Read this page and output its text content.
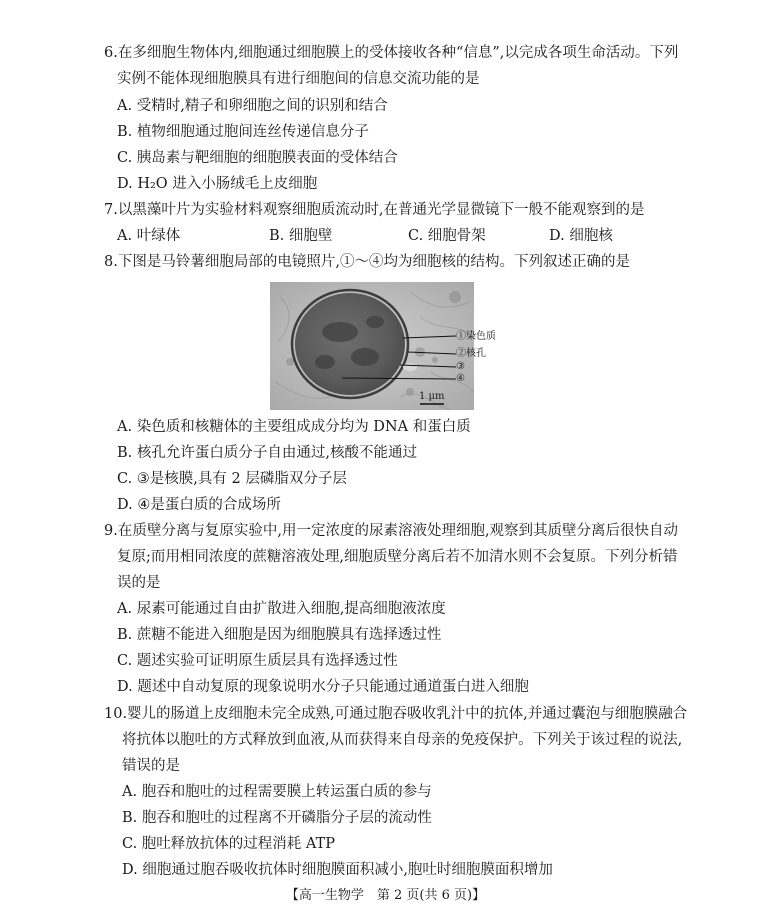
6.在多细胞生物体内,细胞通过细胞膜上的受体接收各种“信息”,以完成各项生命活动。下列
实例不能体现细胞膜具有进行细胞间的信息交流功能的是
A. 受精时,精子和卵细胞之间的识别和结合
B. 植物细胞通过胞间连丝传递信息分子
C. 胰岛素与靶细胞的细胞膜表面的受体结合
D. H₂O 进入小肠绒毛上皮细胞
7.以黑藻叶片为实验材料观察细胞质流动时,在普通光学显微镜下一般不能观察到的是
A. 叶绿体	B. 细胞壁	C. 细胞骨架	D. 细胞核
8.下图是马铃薯细胞局部的电镜照片,①～④均为细胞核的结构。下列叙述正确的是
①染色质
②核孔
③
④
1 μm
A. 染色质和核糖体的主要组成成分均为 DNA 和蛋白质
B. 核孔允许蛋白质分子自由通过,核酸不能通过
C. ③是核膜,具有 2 层磷脂双分子层
D. ④是蛋白质的合成场所
9.在质壁分离与复原实验中,用一定浓度的尿素溶液处理细胞,观察到其质壁分离后很快自动
复原;而用相同浓度的蔗糖溶液处理,细胞质壁分离后若不加清水则不会复原。下列分析错
误的是
A. 尿素可能通过自由扩散进入细胞,提高细胞液浓度
B. 蔗糖不能进入细胞是因为细胞膜具有选择透过性
C. 题述实验可证明原生质层具有选择透过性
D. 题述中自动复原的现象说明水分子只能通过通道蛋白进入细胞
10.婴儿的肠道上皮细胞未完全成熟,可通过胞吞吸收乳汁中的抗体,并通过囊泡与细胞膜融合
将抗体以胞吐的方式释放到血液,从而获得来自母亲的免疫保护。下列关于该过程的说法,
错误的是
A. 胞吞和胞吐的过程需要膜上转运蛋白质的参与
B. 胞吞和胞吐的过程离不开磷脂分子层的流动性
C. 胞吐释放抗体的过程消耗 ATP
D. 细胞通过胞吞吸收抗体时细胞膜面积减小,胞吐时细胞膜面积增加
【高一生物学　第 2 页(共 6 页)】
